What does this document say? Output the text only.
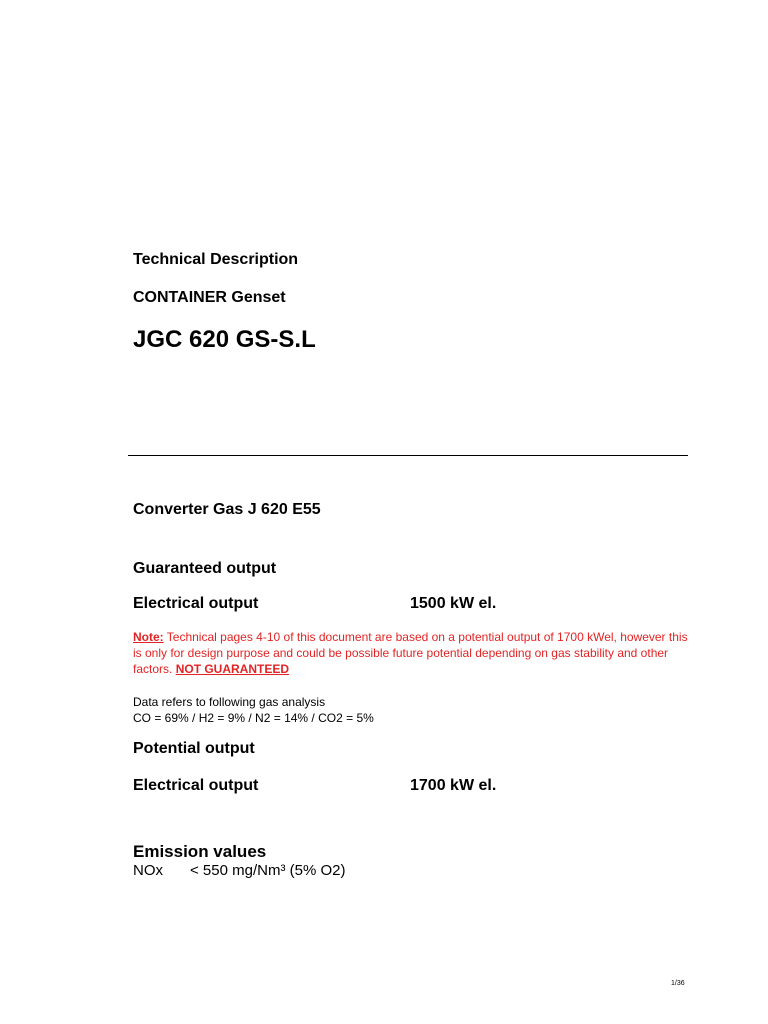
Technical Description
CONTAINER Genset
JGC 620 GS-S.L
Converter Gas J 620 E55
Guaranteed output
Electrical output	1500 kW el.
Note: Technical pages 4-10 of this document are based on a potential output of 1700 kWel, however this is only for design purpose and could be possible future potential depending on gas stability and other factors. NOT GUARANTEED
Data refers to following gas analysis
CO = 69% / H2 = 9% / N2 = 14% / CO2 = 5%
Potential output
Electrical output	1700 kW el.
Emission values
NOx < 550 mg/Nm³ (5% O2)
1/36
